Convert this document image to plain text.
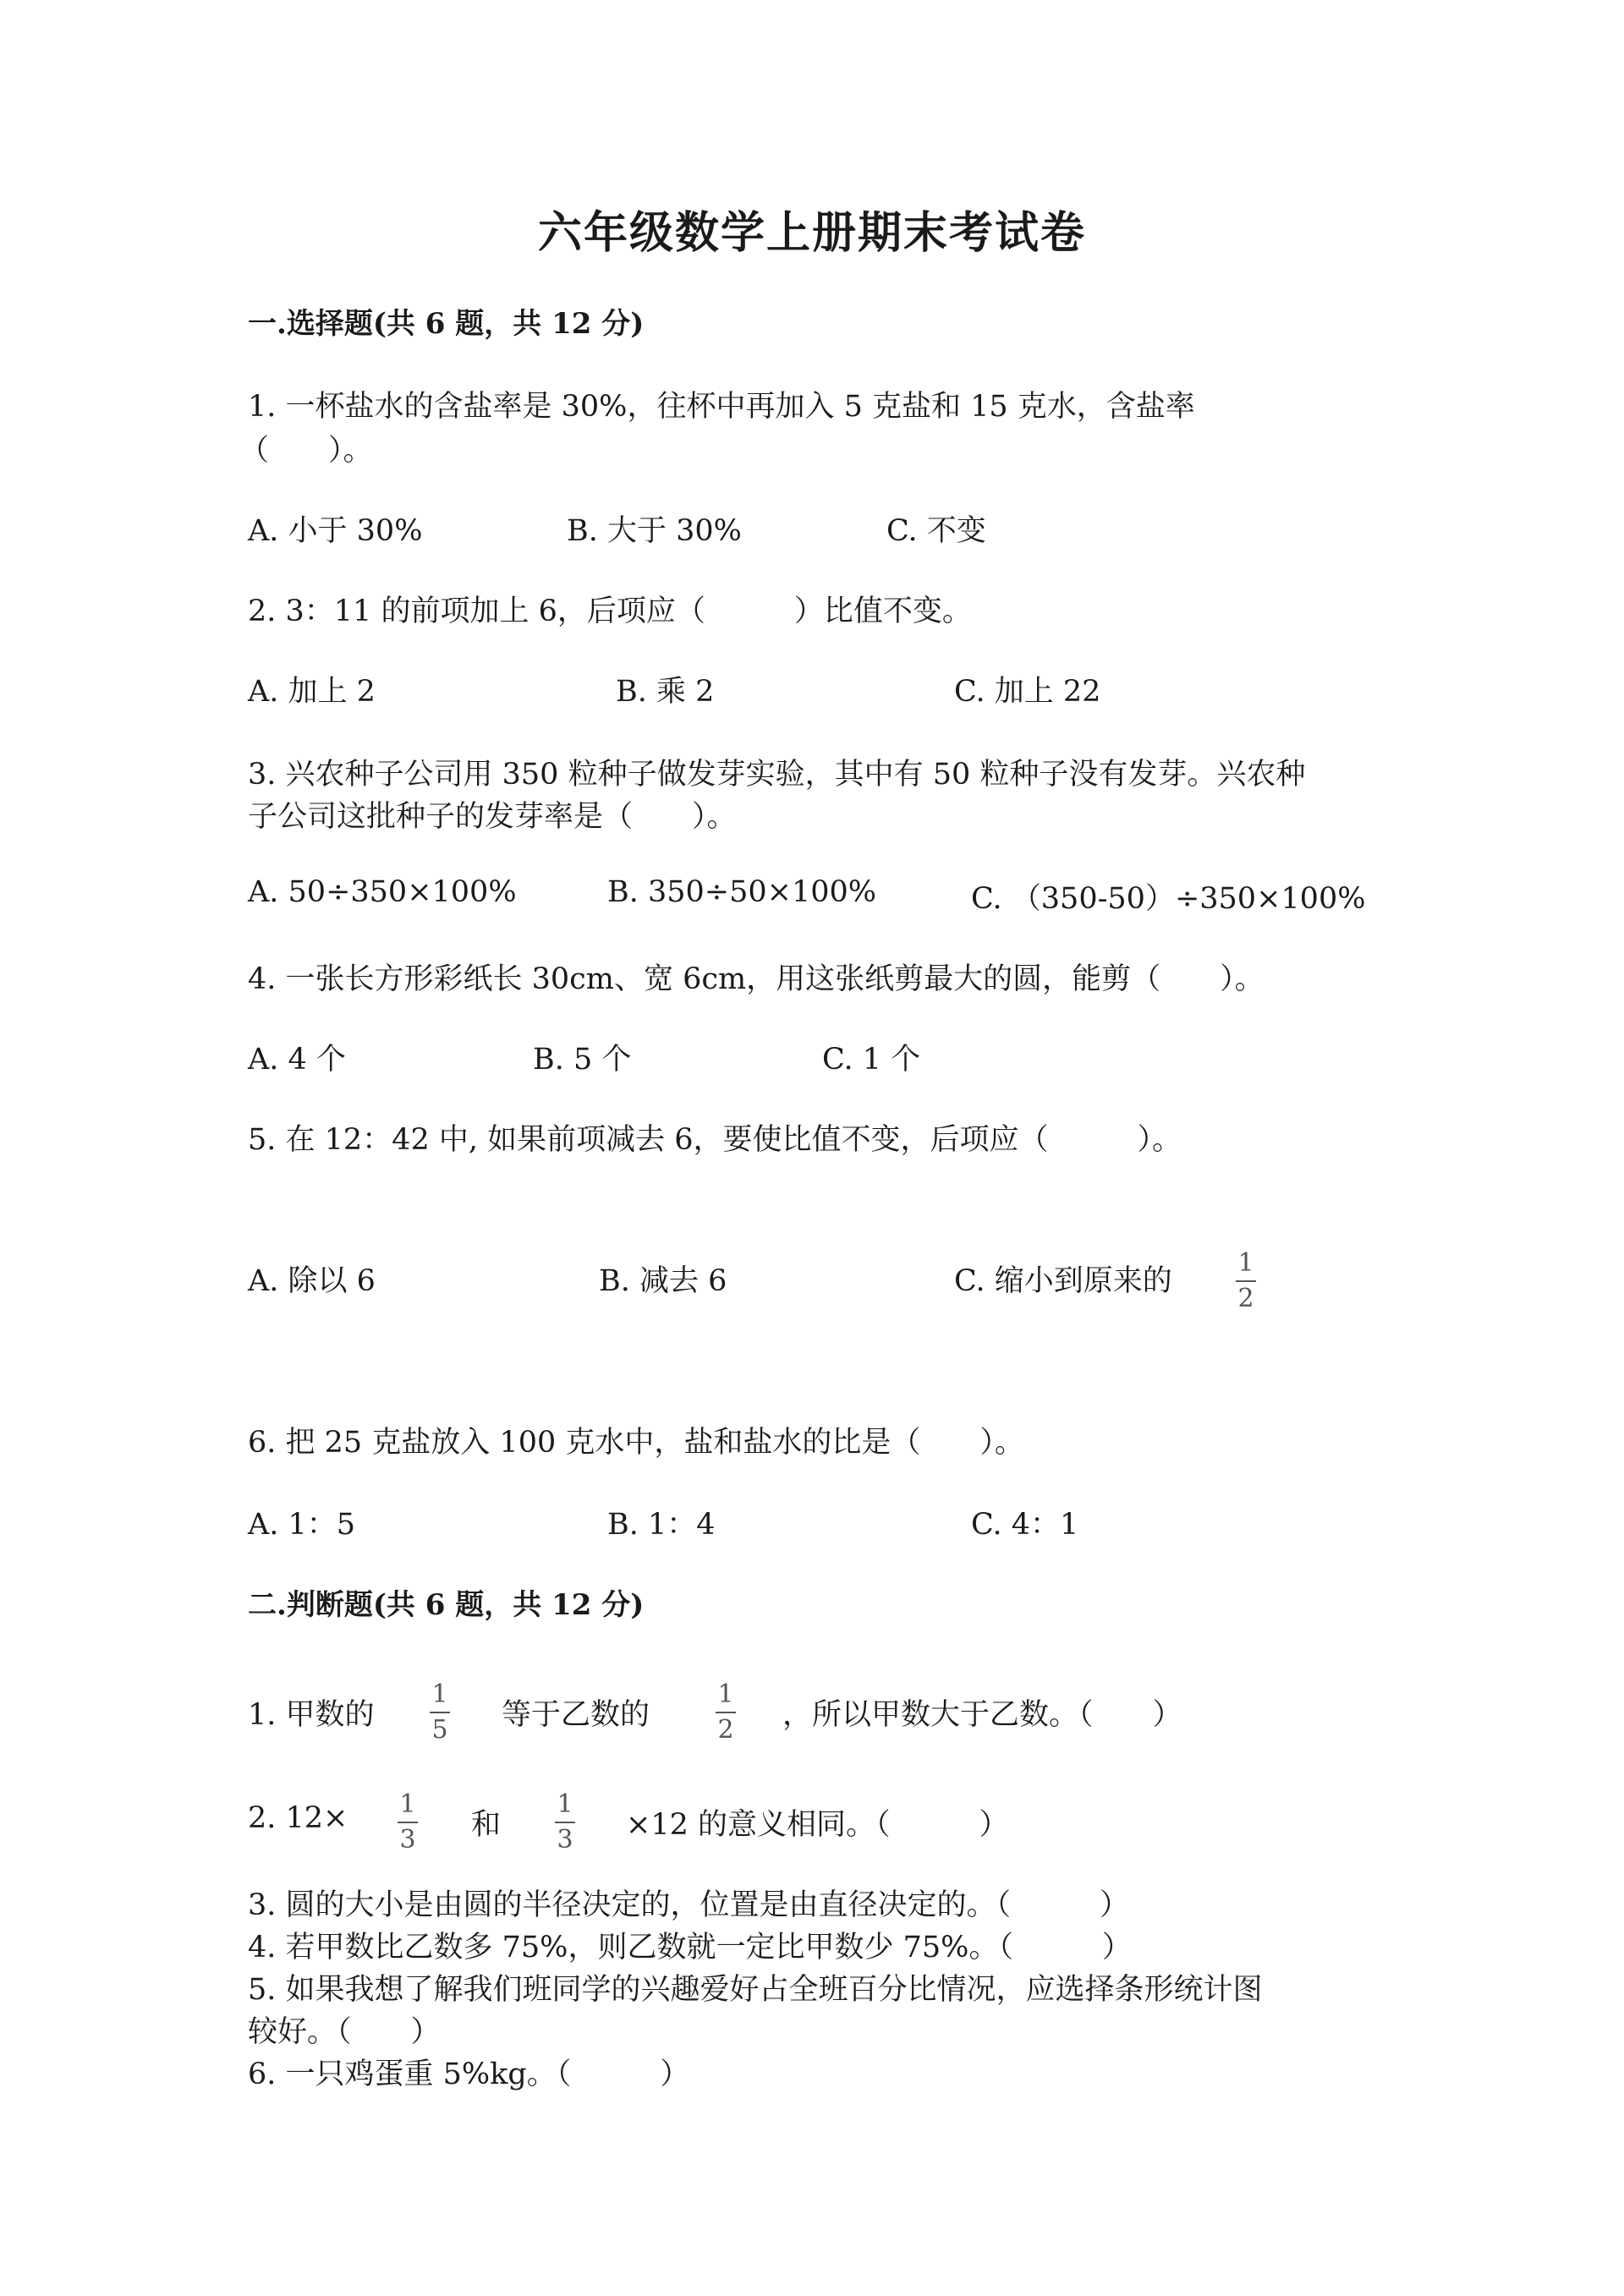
六年级数学上册期末考试卷
一.选择题(共 6 题，共 12 分)
1. 一杯盐水的含盐率是 30%，往杯中再加入 5 克盐和 15 克水，含盐率
（　　）。
A. 小于 30%	B. 大于 30%	C. 不变
2. 3：11 的前项加上 6，后项应（　　　）比值不变。
A. 加上 2	B. 乘 2	C. 加上 22
3. 兴农种子公司用 350 粒种子做发芽实验，其中有 50 粒种子没有发芽。兴农种
子公司这批种子的发芽率是（　　）。
A. 50÷350×100%	B. 350÷50×100%	C. （350-50）÷350×100%
4. 一张长方形彩纸长 30cm、宽 6cm，用这张纸剪最大的圆，能剪（　　）。
A. 4 个	B. 5 个	C. 1 个
5. 在 12：42 中, 如果前项减去 6，要使比值不变，后项应（　　　）。
A. 除以 6	B. 减去 6	C. 缩小到原来的
1
2
6. 把 25 克盐放入 100 克水中，盐和盐水的比是（　　）。
A. 1：5	B. 1：4	C. 4：1
二.判断题(共 6 题，共 12 分)
1. 甲数的
1
5 等于乙数的
1
2 ，所以甲数大于乙数。（　　）
2. 12× 1
3 和
1
3 ×12 的意义相同。（　　　）
3. 圆的大小是由圆的半径决定的，位置是由直径决定的。（　　　）
4. 若甲数比乙数多 75%，则乙数就一定比甲数少 75%。（　　　）
5. 如果我想了解我们班同学的兴趣爱好占全班百分比情况，应选择条形统计图
较好。（　　）
6. 一只鸡蛋重 5%kg。（　　　）
